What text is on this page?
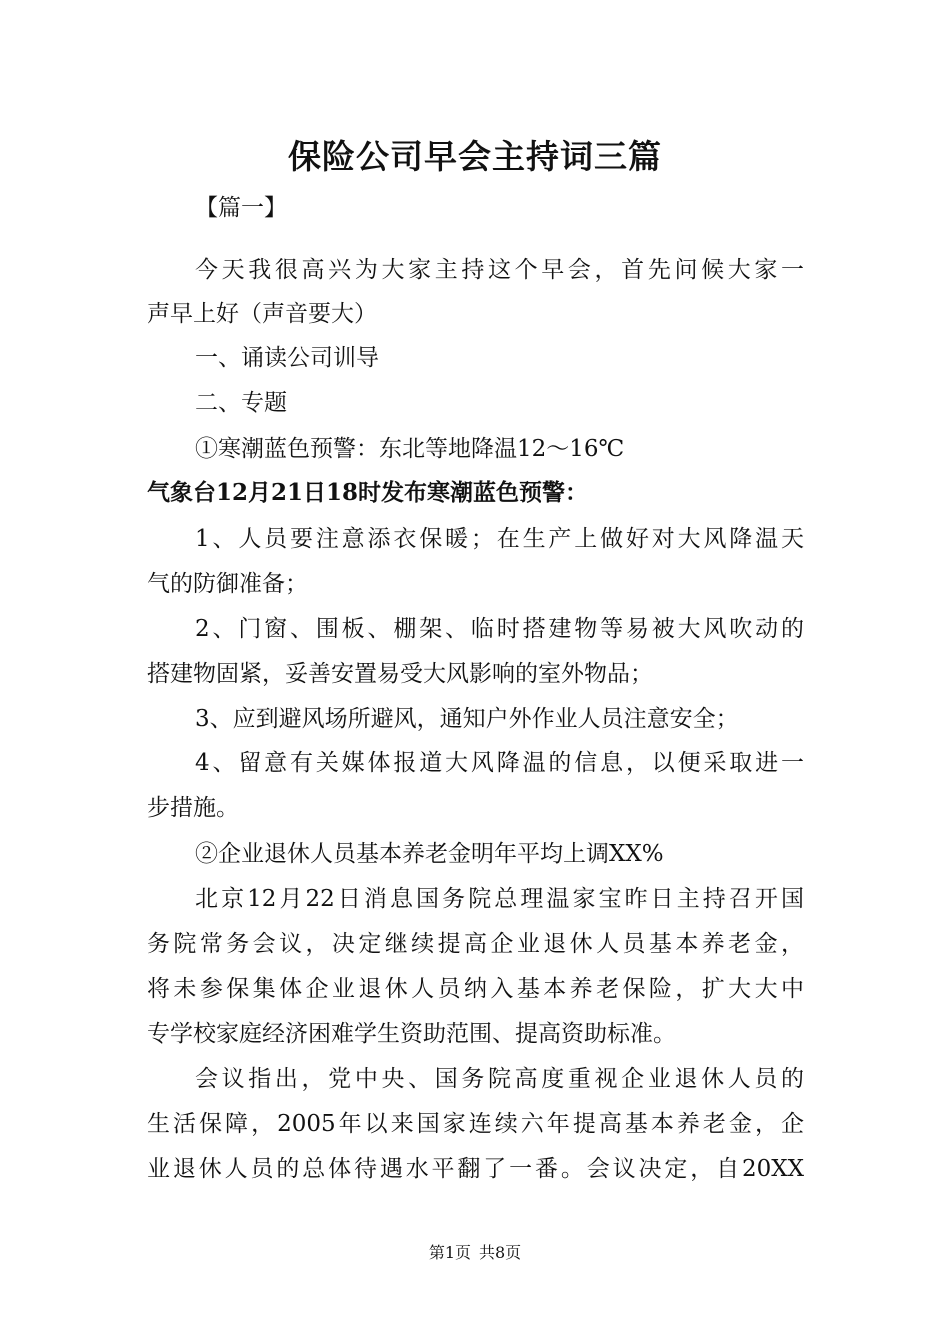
保险公司早会主持词三篇
【篇一】
今天我很高兴为大家主持这个早会，首先问候大家一
声早上好（声音要大）
一、诵读公司训导
二、专题
①寒潮蓝色预警：东北等地降温12～16℃
气象台12月21日18时发布寒潮蓝色预警：
1、人员要注意添衣保暖；在生产上做好对大风降温天
气的防御准备；
2、门窗、围板、棚架、临时搭建物等易被大风吹动的
搭建物固紧，妥善安置易受大风影响的室外物品；
3、应到避风场所避风，通知户外作业人员注意安全；
4、留意有关媒体报道大风降温的信息，以便采取进一
步措施。
②企业退休人员基本养老金明年平均上调XX%
北京12月22日消息国务院总理温家宝昨日主持召开国
务院常务会议，决定继续提高企业退休人员基本养老金，
将未参保集体企业退休人员纳入基本养老保险，扩大大中
专学校家庭经济困难学生资助范围、提高资助标准。
会议指出，党中央、国务院高度重视企业退休人员的
生活保障，2005年以来国家连续六年提高基本养老金，企
业退休人员的总体待遇水平翻了一番。会议决定，自20XX
第1页 共8页
